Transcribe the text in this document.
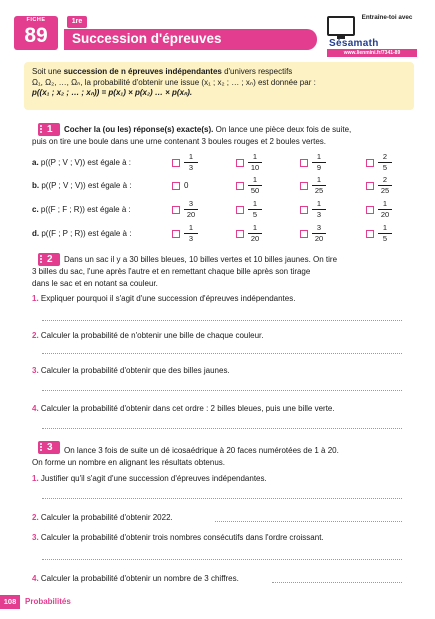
FICHE
89
1re
Succession d'épreuves
Entraîne-toi avec
Sésamath
www.lienmini.fr/7341-89
Soit une succession de n épreuves indépendantes d'univers respectifs
Ω₁, Ω₂, …, Ωₙ, la probabilité d'obtenir une issue (x₁ ; x₂ ; … ; xₙ) est donnée par :
p((x₁ ; x₂ ; … ; xₙ)) = p(x₁) × p(x₂) … × p(xₙ).
1 Cocher la (ou les) réponse(s) exacte(s). On lance une pièce deux fois de suite,
puis on tire une boule dans une urne contenant 3 boules rouges et 2 boules vertes.
a. p((P ; V ; V)) est égale à :	$\frac{1}{3}$	$\frac{1}{10}$	$\frac{1}{9}$	$\frac{2}{5}$
b. p((P ; V ; V)) est égale à :	0	$\frac{1}{50}$	$\frac{1}{25}$	$\frac{2}{25}$
c. p((F ; F ; R)) est égale à :	$\frac{3}{20}$	$\frac{1}{5}$	$\frac{1}{3}$	$\frac{1}{20}$
d. p((F ; P ; R)) est égale à :	$\frac{1}{3}$	$\frac{1}{20}$	$\frac{3}{20}$	$\frac{1}{5}$
2 Dans un sac il y a 30 billes bleues, 10 billes vertes et 10 billes jaunes. On tire
3 billes du sac, l'une après l'autre et en remettant chaque bille après son tirage
dans le sac et en notant sa couleur.
1. Expliquer pourquoi il s'agit d'une succession d'épreuves indépendantes.
2. Calculer la probabilité de n'obtenir une bille de chaque couleur.
3. Calculer la probabilité d'obtenir que des billes jaunes.
4. Calculer la probabilité d'obtenir dans cet ordre : 2 billes bleues, puis une bille verte.
3 On lance 3 fois de suite un dé icosaédrique à 20 faces numérotées de 1 à 20.
On forme un nombre en alignant les résultats obtenus.
1. Justifier qu'il s'agit d'une succession d'épreuves indépendantes.
2. Calculer la probabilité d'obtenir 2022.
3. Calculer la probabilité d'obtenir trois nombres consécutifs dans l'ordre croissant.
4. Calculer la probabilité d'obtenir un nombre de 3 chiffres.
108	Probabilités
